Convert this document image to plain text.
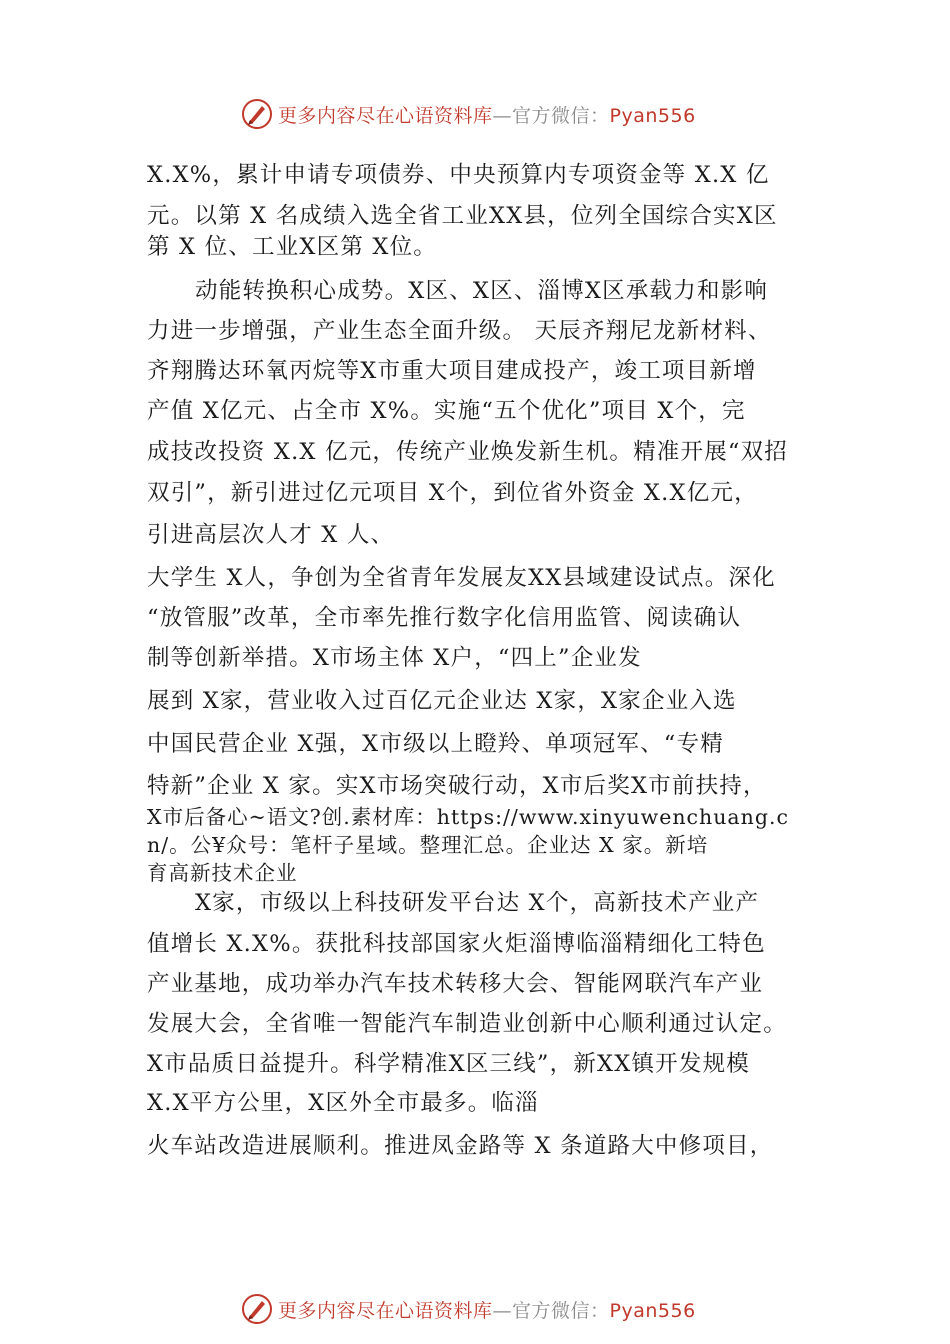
更多内容尽在心语资料库—官方微信：Pyan556
X.X%，累计申请专项债券、中央预算内专项资金等 X.X 亿
元。以第 X 名成绩入选全省工业XX县，位列全国综合实X区
第 X 位、工业X区第 X位。
动能转换积心成势。X区、X区、淄博X区承载力和影响
力进一步增强，产业生态全面升级。 天辰齐翔尼龙新材料、
齐翔腾达环氧丙烷等X市重大项目建成投产，竣工项目新增
产值 X亿元、占全市 X%。实施“五个优化”项目 X个，完
成技改投资 X.X 亿元，传统产业焕发新生机。精准开展“双招
双引”，新引进过亿元项目 X个，到位省外资金 X.X亿元，
引进高层次人才 X 人、
大学生 X人，争创为全省青年发展友XX县域建设试点。深化
“放管服”改革，全市率先推行数字化信用监管、阅读确认
制等创新举措。X市场主体 X户，“四上”企业发
展到 X家，营业收入过百亿元企业达 X家，X家企业入选
中国民营企业 X强，X市级以上瞪羚、单项冠军、“专精
特新”企业 X 家。实X市场突破行动，X市后奖X市前扶持，
X市后备心~语文?创.素材库：https://www.xinyuwenchuang.c
n/。公¥众号：笔杆子星域。整理汇总。企业达 X 家。新培
育高新技术企业
X家，市级以上科技研发平台达 X个，高新技术产业产
值增长 X.X%。获批科技部国家火炬淄博临淄精细化工特色
产业基地，成功举办汽车技术转移大会、智能网联汽车产业
发展大会，全省唯一智能汽车制造业创新中心顺利通过认定。
X市品质日益提升。科学精准X区三线”，新XX镇开发规模
X.X平方公里，X区外全市最多。临淄
火车站改造进展顺利。推进凤金路等 X 条道路大中修项目，
更多内容尽在心语资料库—官方微信：Pyan556
